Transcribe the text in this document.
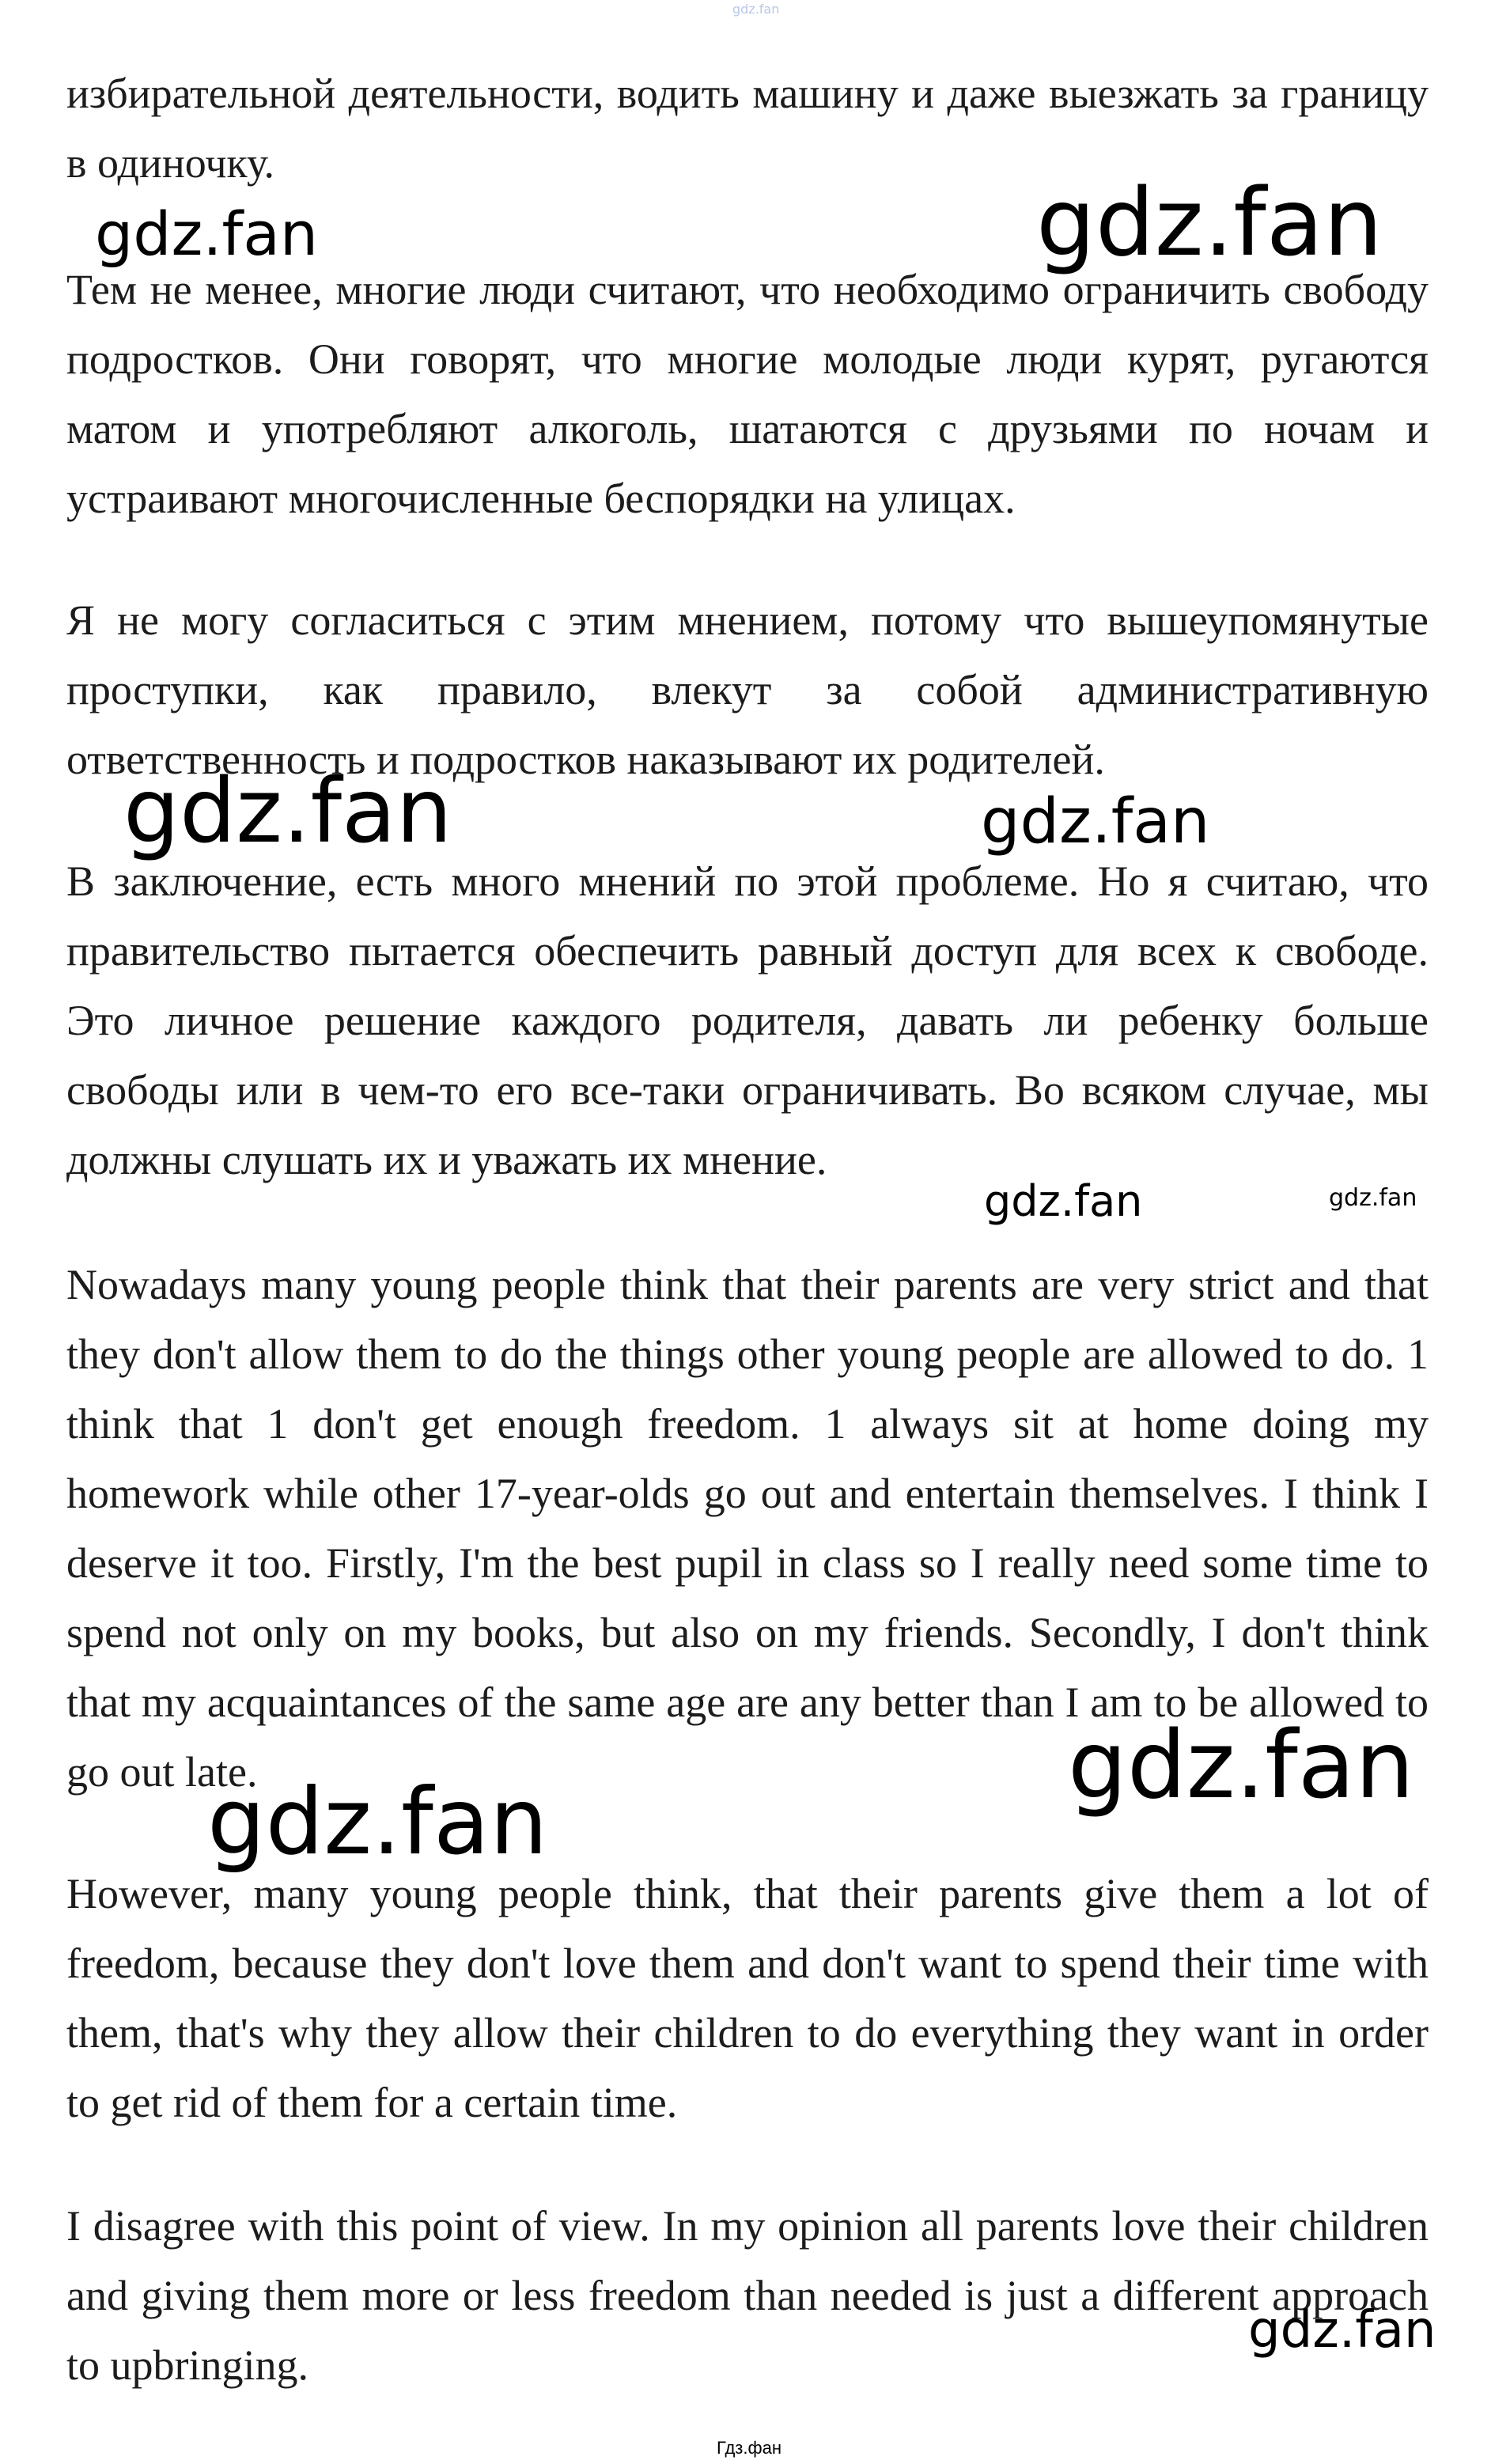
gdz.fan

избирательной деятельности, водить машину и даже выезжать за границу в одиночку.

Тем не менее, многие люди считают, что необходимо ограничить свободу подростков. Они говорят, что многие молодые люди курят, ругаются матом и употребляют алкоголь, шатаются с друзьями по ночам и устраивают многочисленные беспорядки на улицах.

Я не могу согласиться с этим мнением, потому что вышеупомянутые проступки, как правило, влекут за собой административную ответственность и подростков наказывают их родителей.

В заключение, есть много мнений по этой проблеме. Но я считаю, что правительство пытается обеспечить равный доступ для всех к свободе. Это личное решение каждого родителя, давать ли ребенку больше свободы или в чем-то его все-таки ограничивать. Во всяком случае, мы должны слушать их и уважать их мнение.

Nowadays many young people think that their parents are very strict and that they don't allow them to do the things other young people are allowed to do. 1 think that 1 don't get enough freedom. 1 always sit at home doing my homework while other 17-year-olds go out and entertain themselves. I think I deserve it too. Firstly, I'm the best pupil in class so I really need some time to spend not only on my books, but also on my friends. Secondly, I don't think that my acquaintances of the same age are any better than I am to be allowed to go out late.

However, many young people think, that their parents give them a lot of freedom, because they don't love them and don't want to spend their time with them, that's why they allow their children to do everything they want in order to get rid of them for a certain time.

I disagree with this point of view. In my opinion all parents love their children and giving them more or less freedom than needed is just a different approach to upbringing.

gdz.fan	gdz.fan
gdz.fan	gdz.fan
gdz.fan	gdz.fan
gdz.fan
gdz.fan
gdz.fan
Гдз.фан
